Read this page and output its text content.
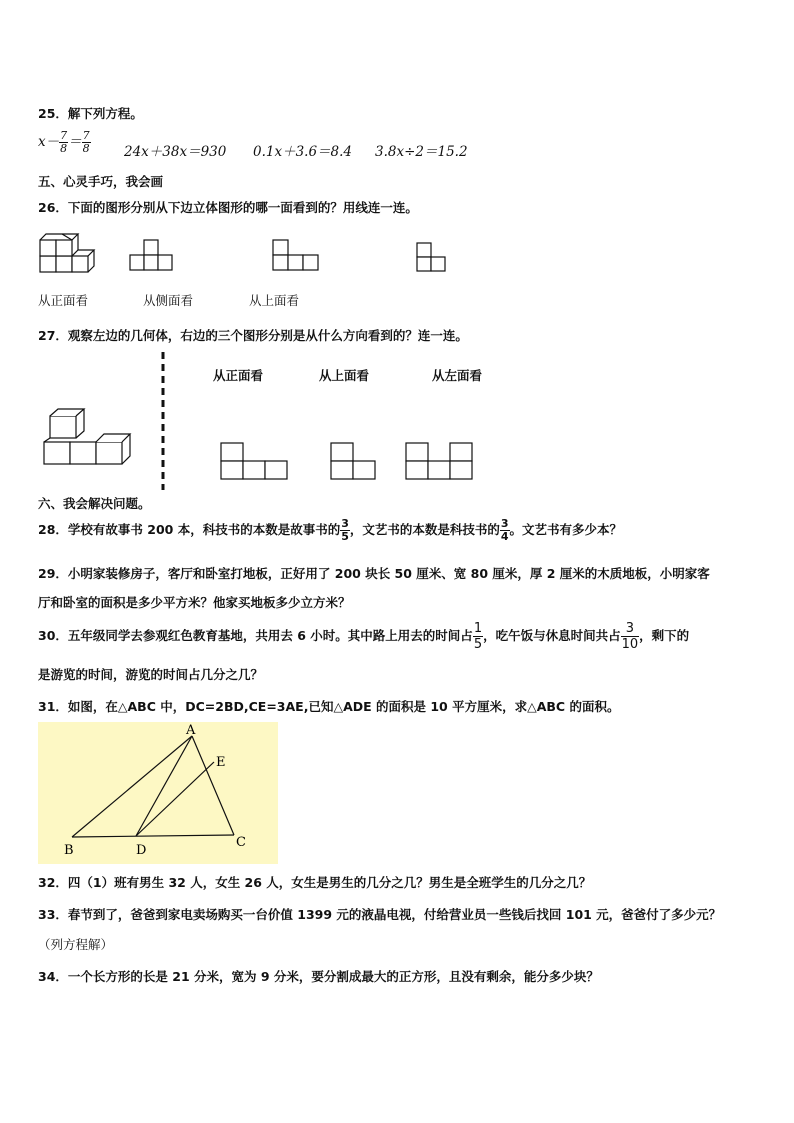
25．解下列方程。
$x- \frac{7}{8} = \frac{7}{8} 24x+38x=930$ 0.1x＋3.6＝8.4 3.8x÷2＝15.2
五、心灵手巧，我会画
26．下面的图形分别从下边立体图形的哪一面看到的？用线连一连。
从正面看	从侧面看	从上面看
27．观察左边的几何体，右边的三个图形分别是从什么方向看到的？连一连。
从正面看	从上面看	从左面看
六、我会解决问题。
28．学校有故事书 200 本，科技书的本数是故事书的 $\frac{3}{5}$ ，文艺书的本数是科技书的 $\frac{3}{4}$ 。文艺书有多少本？
29．小明家装修房子，客厅和卧室打地板，正好用了 200 块长 50 厘米、宽 80 厘米，厚 2 厘米的木质地板，小明家客
厅和卧室的面积是多少平方米？他家买地板多少立方米？
30．五年级同学去参观红色教育基地，共用去 6 小时。其中路上用去的时间占 $\frac{1}{5}$ ，吃午饭与休息时间共占 $\frac{3}{10}$ ，剩下的
是游览的时间，游览的时间占几分之几？
31．如图，在△ABC 中，DC=2BD,CE=3AE,已知△ADE 的面积是 10 平方厘米，求△ABC 的面积。
A
B
C
D
E
32．四（1）班有男生 32 人，女生 26 人，女生是男生的几分之几？男生是全班学生的几分之几？
33．春节到了，爸爸到家电卖场购买一台价值 1399 元的液晶电视，付给营业员一些钱后找回 101 元，爸爸付了多少元？
（列方程解）
34．一个长方形的长是 21 分米，宽为 9 分米，要分割成最大的正方形，且没有剩余，能分多少块？
